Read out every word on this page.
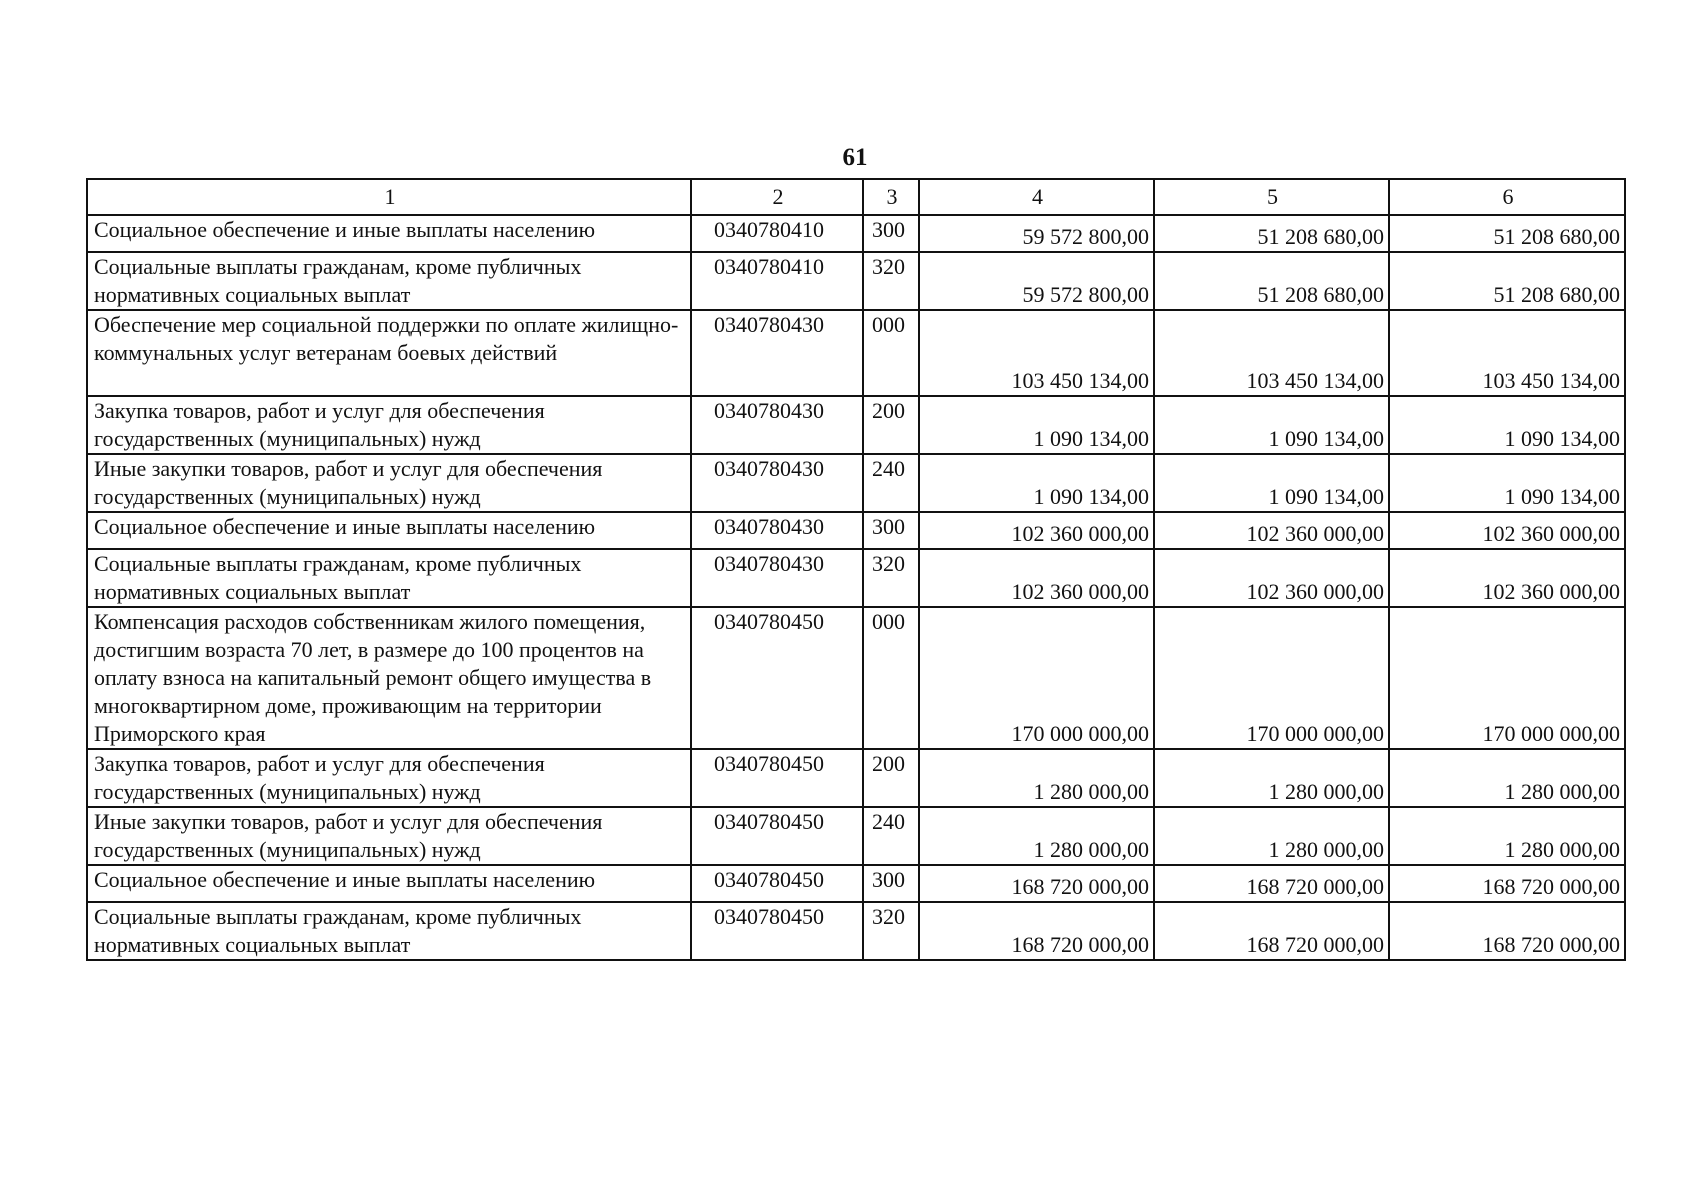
61
1	2	3	4	5	6
Социальное обеспечение и иные выплаты населению	0340780410	300	59 572 800,00	51 208 680,00	51 208 680,00
Социальные выплаты гражданам, кроме публичных нормативных социальных выплат	0340780410	320	59 572 800,00	51 208 680,00	51 208 680,00
Обеспечение мер социальной поддержки по оплате жилищно-коммунальных услуг ветеранам боевых действий	0340780430	000	103 450 134,00	103 450 134,00	103 450 134,00
Закупка товаров, работ и услуг для обеспечения государственных (муниципальных) нужд	0340780430	200	1 090 134,00	1 090 134,00	1 090 134,00
Иные закупки товаров, работ и услуг для обеспечения государственных (муниципальных) нужд	0340780430	240	1 090 134,00	1 090 134,00	1 090 134,00
Социальное обеспечение и иные выплаты населению	0340780430	300	102 360 000,00	102 360 000,00	102 360 000,00
Социальные выплаты гражданам, кроме публичных нормативных социальных выплат	0340780430	320	102 360 000,00	102 360 000,00	102 360 000,00
Компенсация расходов собственникам жилого помещения, достигшим возраста 70 лет, в размере до 100 процентов на оплату взноса на капитальный ремонт общего имущества в многоквартирном доме, проживающим на территории Приморского края	0340780450	000	170 000 000,00	170 000 000,00	170 000 000,00
Закупка товаров, работ и услуг для обеспечения государственных (муниципальных) нужд	0340780450	200	1 280 000,00	1 280 000,00	1 280 000,00
Иные закупки товаров, работ и услуг для обеспечения государственных (муниципальных) нужд	0340780450	240	1 280 000,00	1 280 000,00	1 280 000,00
Социальное обеспечение и иные выплаты населению	0340780450	300	168 720 000,00	168 720 000,00	168 720 000,00
Социальные выплаты гражданам, кроме публичных нормативных социальных выплат	0340780450	320	168 720 000,00	168 720 000,00	168 720 000,00
